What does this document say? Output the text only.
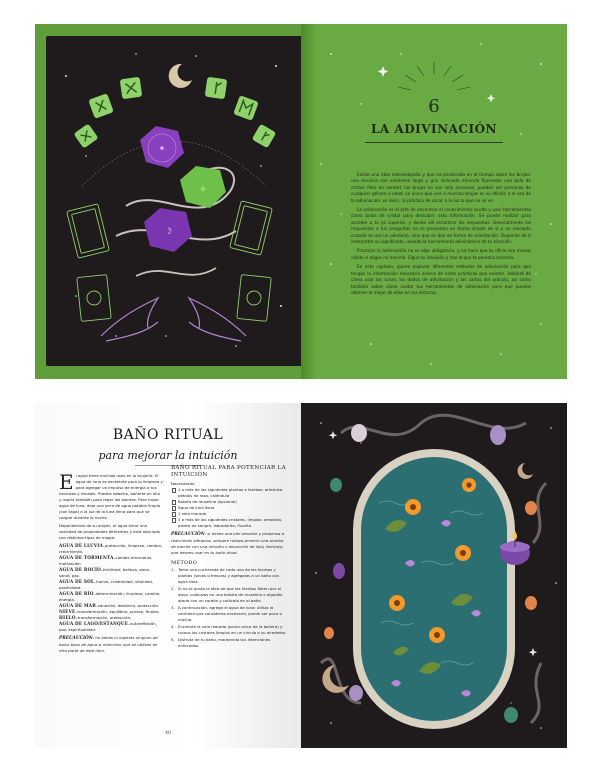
✶
✧
☽
6
LA ADIVINACIÓN

Existe una idea estereotipada y que ha perdurado en el tiempo sobre las brujas: una anciana con sombrero largo y gris inclinada mirando fijamente una bola de cristal. Pero en verdad, las brujas no son solo ancianas; pueden ser personas de cualquier género o edad. Lo único que une a muchas brujas es su afición a el uso de la adivinación: es decir, la práctica de sacar a la luz lo que no se ve.

La adivinación es el arte de encontrar el conocimiento oculto y usar herramientas como bolas de cristal para descubrir esta información. Se puede realizar para acceder a tu yo superior, y desde allí encontrar las respuestas. Generalmente las respuestas a tus preguntas no se presentan en forma simple de sí o no (excepto cuando se usa un péndulo), sino que se dan en forma de orientación. Depende de ti interpretar su significado, usando la herramienta adivinatoria de tu elección.

Practicar la adivinación no es algo obligatorio, y no hace que tu oficio sea menos válido si eliges no hacerlo. Sigue tu intuición y haz lo que te parezca correcto.

En este capítulo, quiero explorar diferentes métodos de adivinación para que tengas la información necesaria acerca de estas prácticas que existen. Hablaré de cómo usar las runas, los dados de adivinación y las cartas del oráculo, así como también sobre cómo cuidar tus herramientas de adivinación para que puedas obtener lo mejor de ellas en tus lecturas.

BAÑO RITUAL
para mejorar la intuición

El agua tiene muchos usos en la brujería. El agua de luna es excelente para la limpieza y para agregar un impulso de energía a tus hechizos y rituales. Puedes beberla, bañarte en ella y usarla también para regar las plantas. Para hacer agua de luna, deja una jarra de agua potable limpia (con tapa) a la luz de la luna llena para que se cargue durante la noche.

Dependiendo de su origen, el agua tiene una variedad de propiedades diferentes y está asociada con distintos tipos de magia:

AGUA DE LLUVIA–protección, limpieza, cambio, crecimiento.

AGUA DE TORMENTA–cambio emocional, motivación.

AGUA DE ROCÍO–fertilidad, belleza, amor, salud, paz.

AGUA DE SOL–fuerza, creatividad, vitalidad, positividad.

AGUA DE RÍO–determinación, limpieza, cambio, energía.

AGUA DE MAR–sanación, destierro, protección.

NIEVE–transformación, equilibrio, pureza, finales.

HIELO–transformación, protección.

AGUA DE LAGO/ESTANQUE–autoreflexión, paz, espiritualidad.

PRECAUCIÓN: no bebas ni ingieras ninguno de estos tipos de agua si menciono que se utilizan en otra parte de este libro.

BAÑO RITUAL PARA POTENCIAR LA INTUICIÓN

Necesitarás:

1 o más de las siguientes plantas o hierbas: artemisa, pétalos de rosa, caléndula

Bolsita de muselina (opcional)

Agua de luna llena

1 vela morada

1 o más de los siguientes cristales, limpios: amatista, piedra de sangre, labradorita, fluorita

PRECAUCIÓN: si tienes una piel sensible y propensa a reacciones alérgicas, siempre realiza primero una prueba de parche con una infusión o decocción de la(s) hierba(s) que desees usar en tu baño ritual.

MÉTODO

1. Tome una cucharada de cada una de las hierbas y plantas (secas o frescas) y agrégalas a un baño con agua tibia.

2. Si no te gusta la idea de que las hierbas floten por el agua, colócalas en una bolsita de muselina o algodón atada con un cordón y colócala en el baño.

3. A continuación, agrega el agua de luna: utiliza la cantidad que consideres necesaria, puede ser poca o mucha.

4. Enciende la vela morada (ponla cerca de la bañera) y coloca los cristales limpios en un círculo a su alrededor.

5. Disfruta de tu baño, mantenido tus intenciones enfocadas.

40
